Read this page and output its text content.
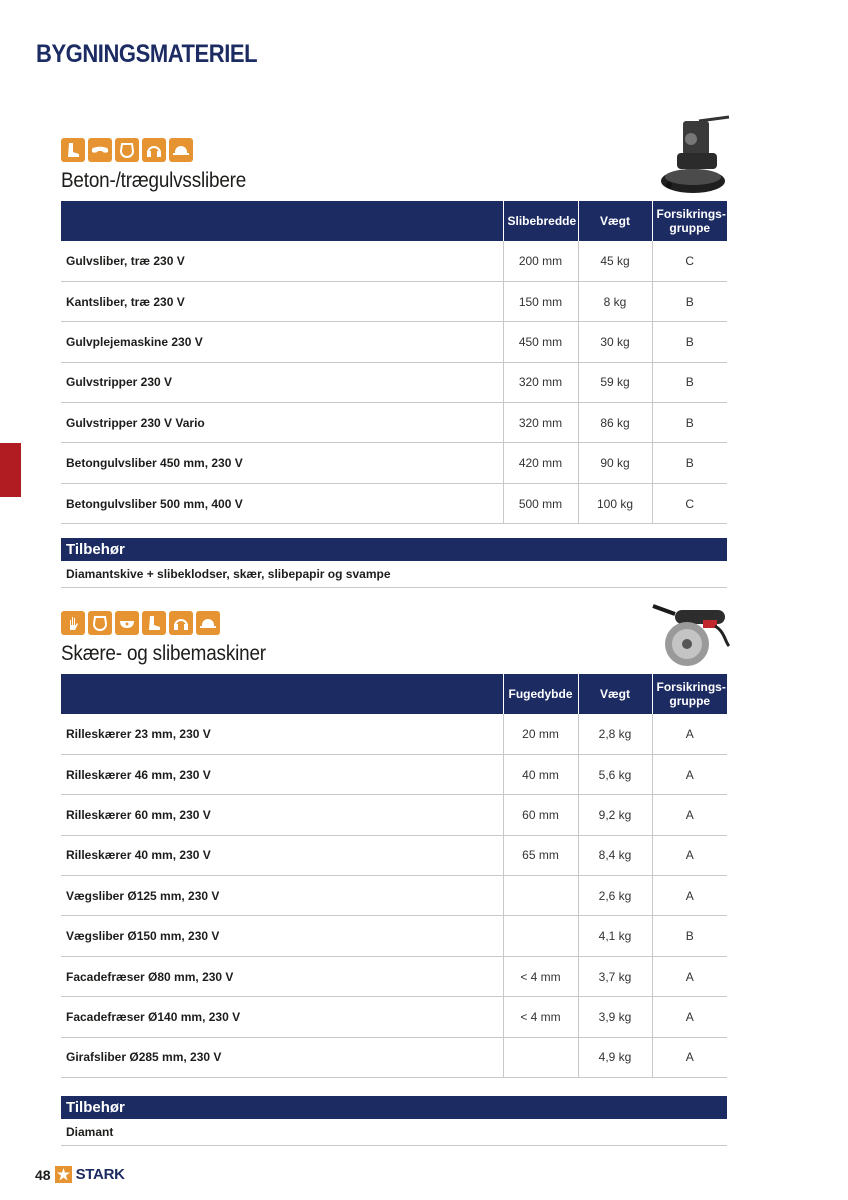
BYGNINGSMATERIEL
Beton-/trægulvsslibere
	Slibebredde	Vægt	Forsikrings-
gruppe
Gulvsliber, træ 230 V	200 mm	45 kg	C
Kantsliber, træ 230 V	150 mm	8 kg	B
Gulvplejemaskine 230 V	450 mm	30 kg	B
Gulvstripper 230 V	320 mm	59 kg	B
Gulvstripper 230 V Vario	320 mm	86 kg	B
Betongulvsliber 450 mm, 230 V	420 mm	90 kg	B
Betongulvsliber 500 mm, 400 V	500 mm	100 kg	C
Tilbehør
Diamantskive + slibeklodser, skær, slibepapir og svampe
Skære- og slibemaskiner
	Fugedybde	Vægt	Forsikrings-
gruppe
Rilleskærer 23 mm, 230 V	20 mm	2,8 kg	A
Rilleskærer 46 mm, 230 V	40 mm	5,6 kg	A
Rilleskærer 60 mm, 230 V	60 mm	9,2 kg	A
Rilleskærer 40 mm, 230 V	65 mm	8,4 kg	A
Vægsliber Ø125 mm, 230 V		2,6 kg	A
Vægsliber Ø150 mm, 230 V		4,1 kg	B
Facadefræser Ø80 mm, 230 V	< 4 mm	3,7 kg	A
Facadefræser Ø140 mm, 230 V	< 4 mm	3,9 kg	A
Girafsliber Ø285 mm, 230 V		4,9 kg	A
Tilbehør
Diamant
48 STARK
